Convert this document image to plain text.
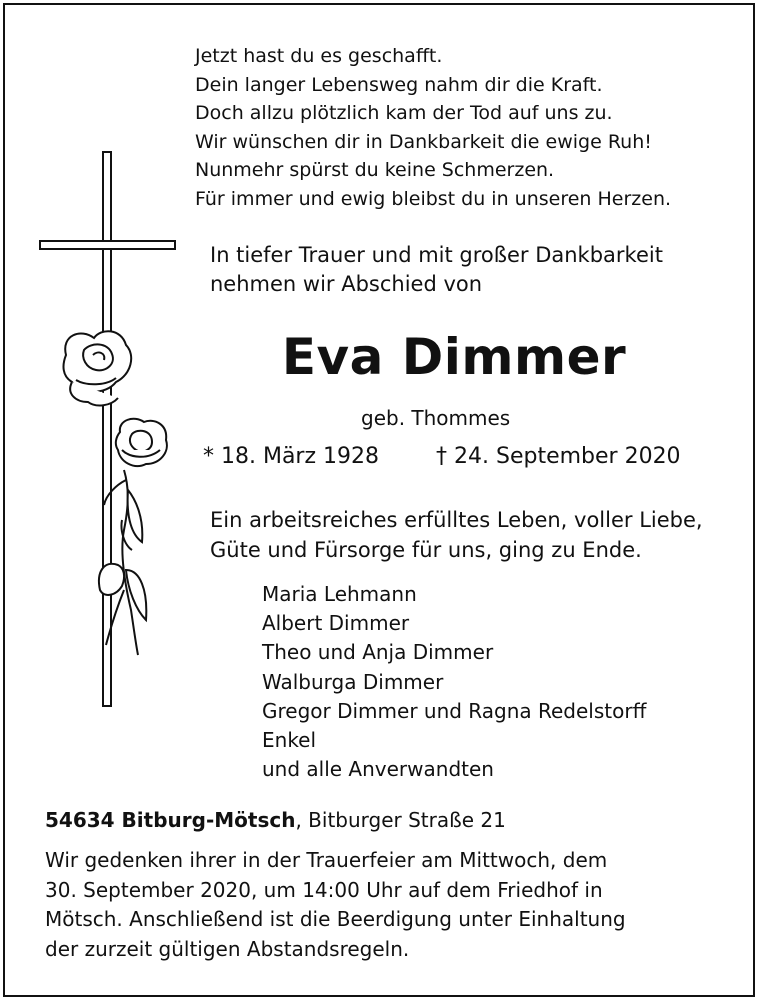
Jetzt hast du es geschafft.
Dein langer Lebensweg nahm dir die Kraft.
Doch allzu plötzlich kam der Tod auf uns zu.
Wir wünschen dir in Dankbarkeit die ewige Ruh!
Nunmehr spürst du keine Schmerzen.
Für immer und ewig bleibst du in unseren Herzen.
In tiefer Trauer und mit großer Dankbarkeit
nehmen wir Abschied von
Eva Dimmer
geb. Thommes
* 18. März 1928	† 24. September 2020
Ein arbeitsreiches erfülltes Leben, voller Liebe,
Güte und Fürsorge für uns, ging zu Ende.
Maria Lehmann
Albert Dimmer
Theo und Anja Dimmer
Walburga Dimmer
Gregor Dimmer und Ragna Redelstorff
Enkel
und alle Anverwandten
54634 Bitburg-Mötsch, Bitburger Straße 21
Wir gedenken ihrer in der Trauerfeier am Mittwoch, dem
30. September 2020, um 14:00 Uhr auf dem Friedhof in
Mötsch. Anschließend ist die Beerdigung unter Einhaltung
der zurzeit gültigen Abstandsregeln.
